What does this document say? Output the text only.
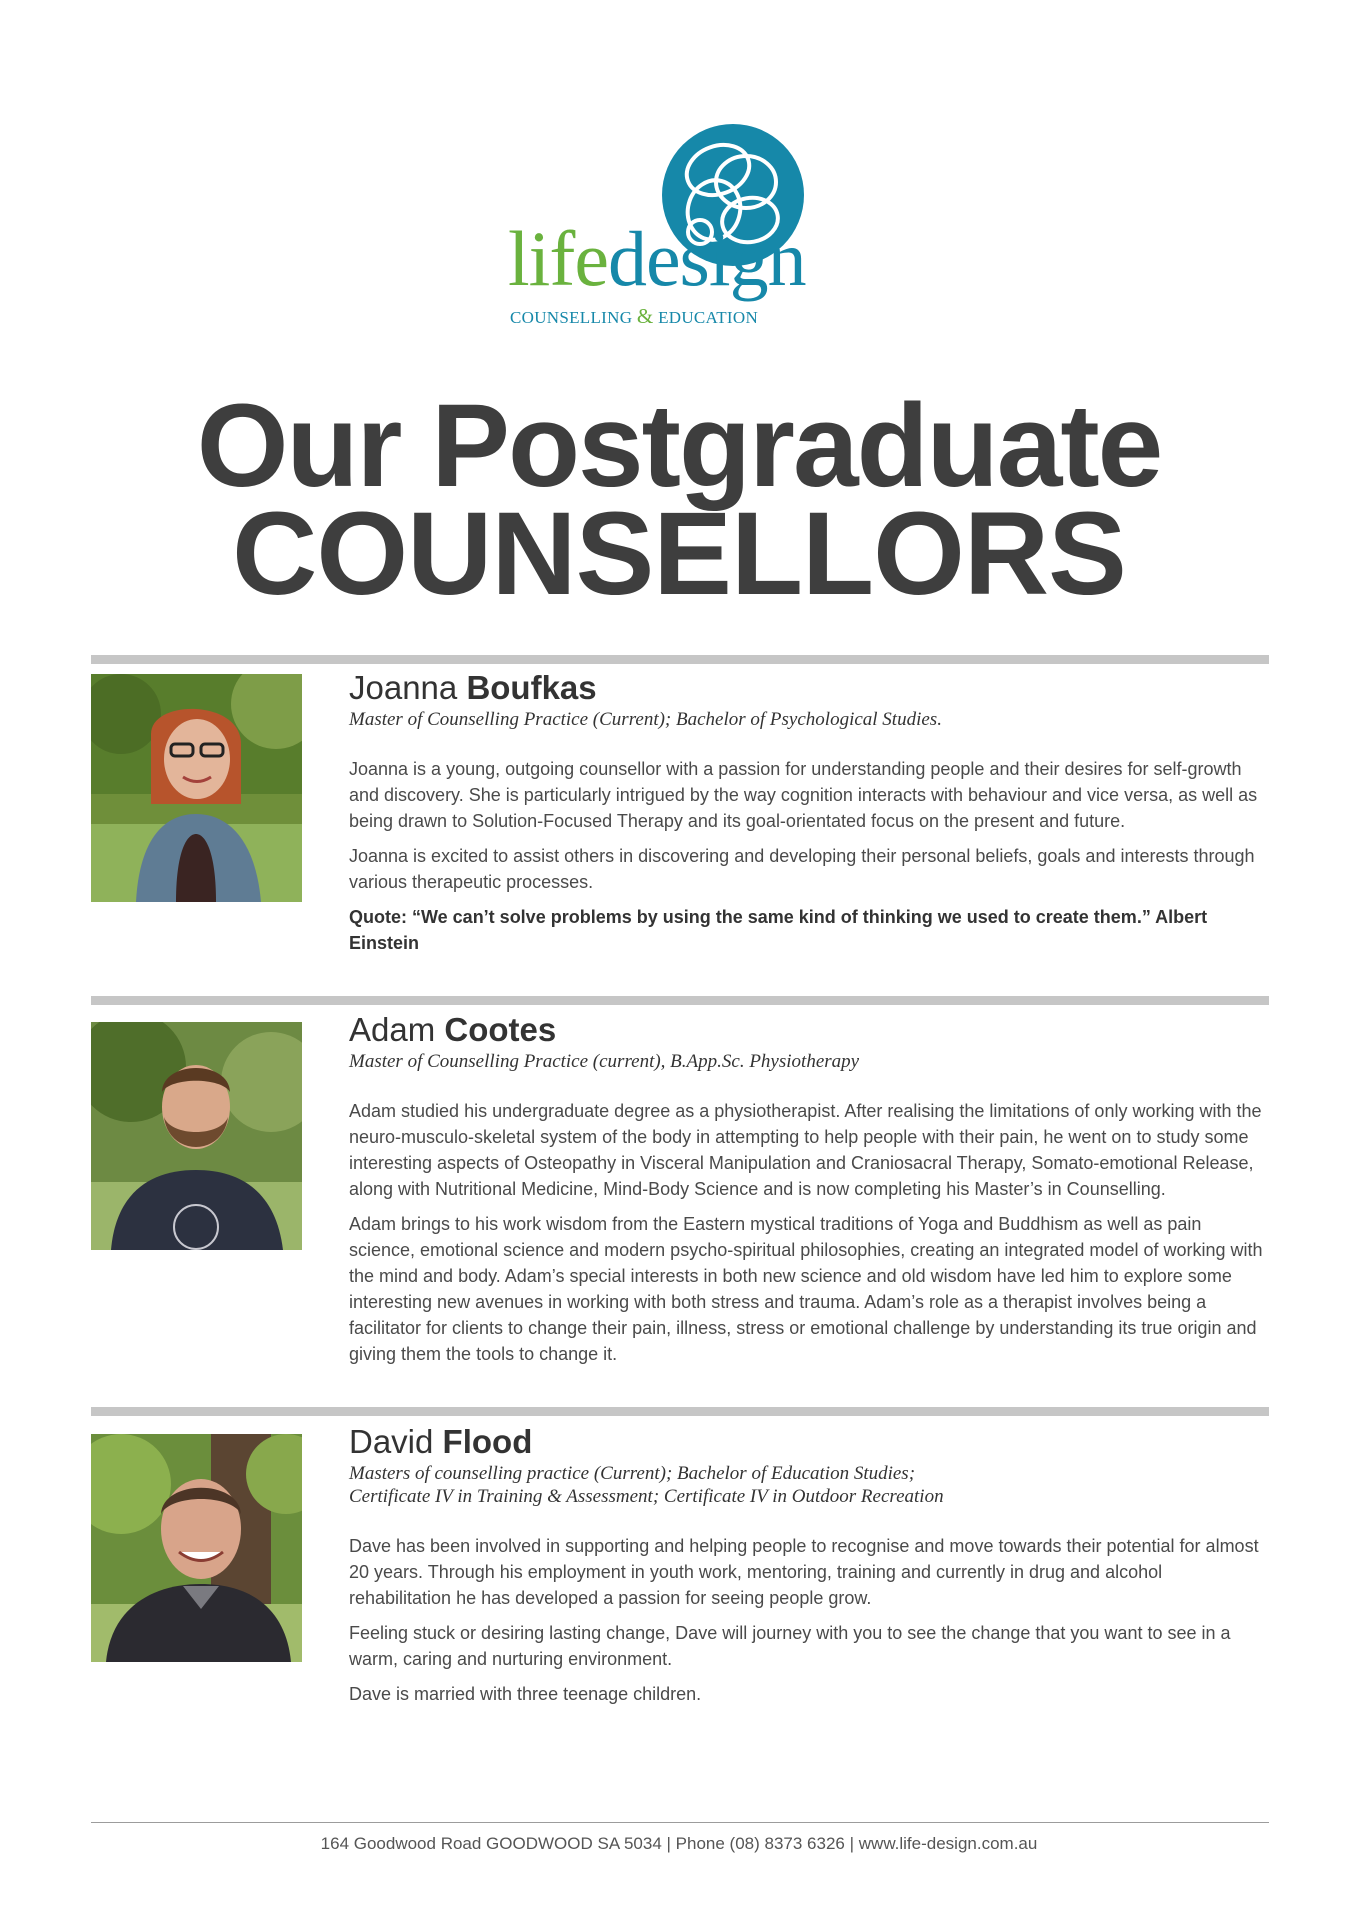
lifedesign
COUNSELLING & EDUCATION
Our Postgraduate
COUNSELLORS
Joanna Boufkas

Master of Counselling Practice (Current); Bachelor of Psychological Studies.

Joanna is a young, outgoing counsellor with a passion for understanding people and their desires for self-growth and discovery. She is particularly intrigued by the way cognition interacts with behaviour and vice versa, as well as being drawn to Solution-Focused Therapy and its goal-orientated focus on the present and future.

Joanna is excited to assist others in discovering and developing their personal beliefs, goals and interests through various therapeutic processes.

Quote: “We can’t solve problems by using the same kind of thinking we used to create them.” Albert Einstein

Adam Cootes

Master of Counselling Practice (current), B.App.Sc. Physiotherapy

Adam studied his undergraduate degree as a physiotherapist. After realising the limitations of only working with the neuro-musculo-skeletal system of the body in attempting to help people with their pain, he went on to study some interesting aspects of Osteopathy in Visceral Manipulation and Craniosacral Therapy, Somato-emotional Release, along with Nutritional Medicine, Mind-Body Science and is now completing his Master’s in Counselling.

Adam brings to his work wisdom from the Eastern mystical traditions of Yoga and Buddhism as well as pain science, emotional science and modern psycho-spiritual philosophies, creating an integrated model of working with the mind and body. Adam’s special interests in both new science and old wisdom have led him to explore some interesting new avenues in working with both stress and trauma. Adam’s role as a therapist involves being a facilitator for clients to change their pain, illness, stress or emotional challenge by understanding its true origin and giving them the tools to change it.

David Flood

Masters of counselling practice (Current); Bachelor of Education Studies;

Certificate IV in Training & Assessment; Certificate IV in Outdoor Recreation

Dave has been involved in supporting and helping people to recognise and move towards their potential for almost 20 years. Through his employment in youth work, mentoring, training and currently in drug and alcohol rehabilitation he has developed a passion for seeing people grow.

Feeling stuck or desiring lasting change, Dave will journey with you to see the change that you want to see in a warm, caring and nurturing environment.

Dave is married with three teenage children.

164 Goodwood Road GOODWOOD SA 5034 | Phone (08) 8373 6326 | www.life-design.com.au
